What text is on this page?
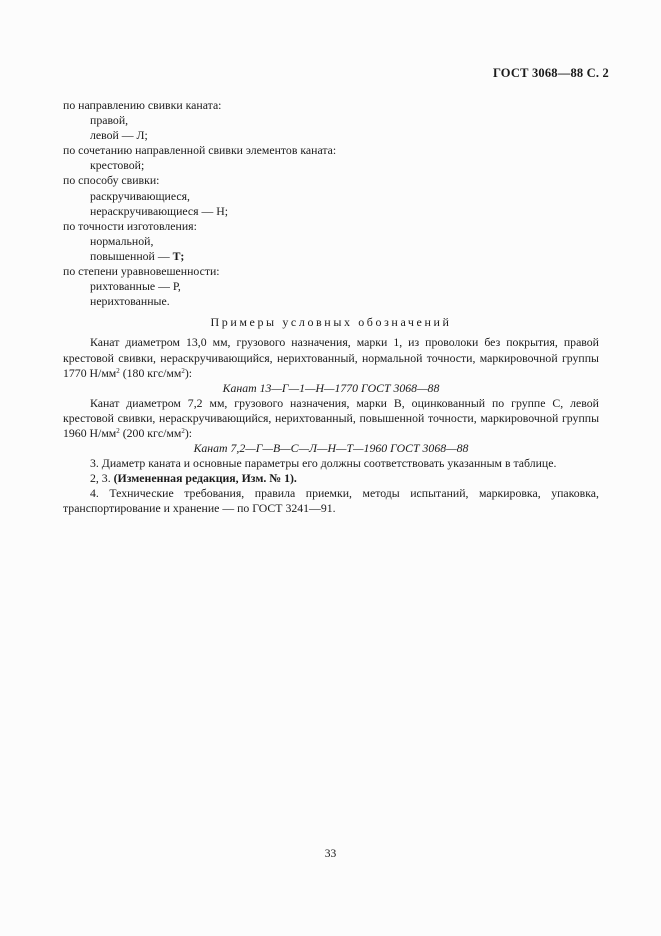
ГОСТ 3068—88 С. 2
по направлению свивки каната:
правой,
левой — Л;
по сочетанию направленной свивки элементов каната:
крестовой;
по способу свивки:
раскручивающиеся,
нераскручивающиеся — Н;
по точности изготовления:
нормальной,
повышенной — Т;
по степени уравновешенности:
рихтованные — Р,
нерихтованные.
Примеры условных обозначений
Канат диаметром 13,0 мм, грузового назначения, марки 1, из проволоки без покрытия, правой крестовой свивки, нераскручивающийся, нерихтованный, нормальной точности, маркировочной группы 1770 $Н/мм^2$ (180 кгс/$мм^2$):
Канат 13—Г—1—Н—1770 ГОСТ 3068—88
Канат диаметром 7,2 мм, грузового назначения, марки В, оцинкованный по группе С, левой крестовой свивки, нераскручивающийся, нерихтованный, повышенной точности, маркировочной группы 1960 $Н/мм^2$ (200 кгс/$мм^2$):
Канат 7,2—Г—В—С—Л—Н—Т—1960 ГОСТ 3068—88
3. Диаметр каната и основные параметры его должны соответствовать указанным в таблице.
2, 3. (Измененная редакция, Изм. № 1).
4. Технические требования, правила приемки, методы испытаний, маркировка, упаковка, транспортирование и хранение — по ГОСТ 3241—91.
33
